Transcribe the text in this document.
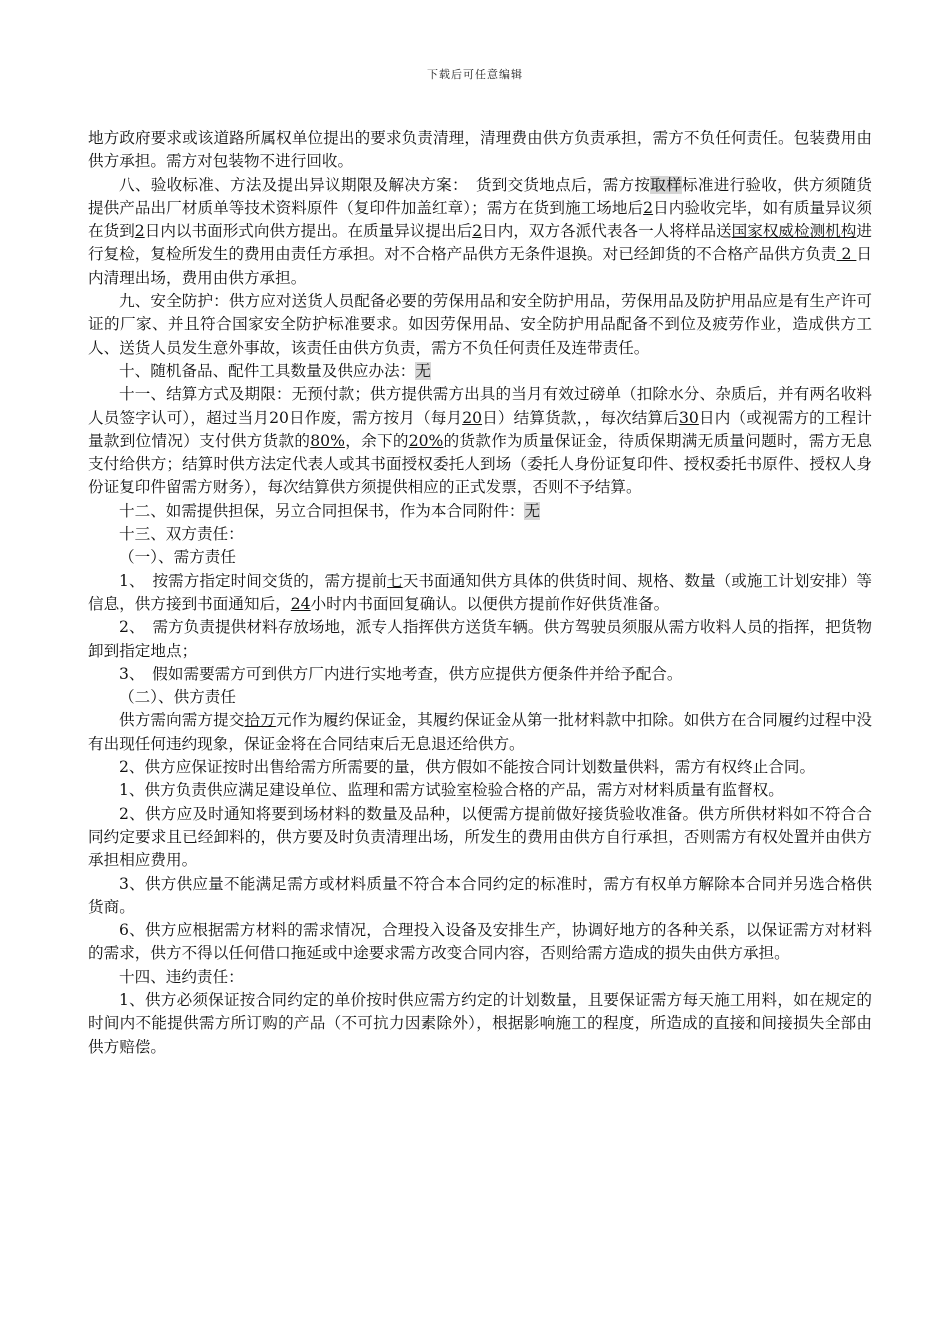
下载后可任意编辑

地方政府要求或该道路所属权单位提出的要求负责清理，清理费由供方负责承担，需方不负任何责任。包装费用由供方承担。需方对包装物不进行回收。

八、验收标准、方法及提出异议期限及解决方案：　货到交货地点后，需方按取样标准进行验收，供方须随货提供产品出厂材质单等技术资料原件（复印件加盖红章）；需方在货到施工场地后2日内验收完毕，如有质量异议须在货到2日内以书面形式向供方提出。在质量异议提出后2日内，双方各派代表各一人将样品送国家权威检测机构进行复检，复检所发生的费用由责任方承担。对不合格产品供方无条件退换。对已经卸货的不合格产品供方负责 2 日内清理出场，费用由供方承担。

九、安全防护：供方应对送货人员配备必要的劳保用品和安全防护用品，劳保用品及防护用品应是有生产许可证的厂家、并且符合国家安全防护标准要求。如因劳保用品、安全防护用品配备不到位及疲劳作业，造成供方工人、送货人员发生意外事故，该责任由供方负责，需方不负任何责任及连带责任。

十、随机备品、配件工具数量及供应办法：无

十一、结算方式及期限：无预付款；供方提供需方出具的当月有效过磅单（扣除水分、杂质后，并有两名收料人员签字认可），超过当月20日作废，需方按月（每月20日）结算货款，，每次结算后30日内（或视需方的工程计量款到位情况）支付供方货款的80%，余下的20%的货款作为质量保证金，待质保期满无质量问题时，需方无息支付给供方；结算时供方法定代表人或其书面授权委托人到场（委托人身份证复印件、授权委托书原件、授权人身份证复印件留需方财务），每次结算供方须提供相应的正式发票，否则不予结算。

十二、如需提供担保，另立合同担保书，作为本合同附件：无

十三、双方责任：

（一）、需方责任

1、　按需方指定时间交货的，需方提前七天书面通知供方具体的供货时间、规格、数量（或施工计划安排）等信息，供方接到书面通知后，24小时内书面回复确认。以便供方提前作好供货准备。

2、　需方负责提供材料存放场地，派专人指挥供方送货车辆。供方驾驶员须服从需方收料人员的指挥，把货物卸到指定地点；

3、　假如需要需方可到供方厂内进行实地考查，供方应提供方便条件并给予配合。

（二）、供方责任

供方需向需方提交拾万元作为履约保证金，其履约保证金从第一批材料款中扣除。如供方在合同履约过程中没有出现任何违约现象，保证金将在合同结束后无息退还给供方。

2、供方应保证按时出售给需方所需要的量，供方假如不能按合同计划数量供料，需方有权终止合同。

1、供方负责供应满足建设单位、监理和需方试验室检验合格的产品，需方对材料质量有监督权。

2、供方应及时通知将要到场材料的数量及品种，以便需方提前做好接货验收准备。供方所供材料如不符合合同约定要求且已经卸料的，供方要及时负责清理出场，所发生的费用由供方自行承担，否则需方有权处置并由供方承担相应费用。

3、供方供应量不能满足需方或材料质量不符合本合同约定的标准时，需方有权单方解除本合同并另选合格供货商。

6、供方应根据需方材料的需求情况，合理投入设备及安排生产，协调好地方的各种关系，以保证需方对材料的需求，供方不得以任何借口拖延或中途要求需方改变合同内容，否则给需方造成的损失由供方承担。

十四、违约责任：

1、供方必须保证按合同约定的单价按时供应需方约定的计划数量，且要保证需方每天施工用料，如在规定的时间内不能提供需方所订购的产品（不可抗力因素除外），根据影响施工的程度，所造成的直接和间接损失全部由供方赔偿。
